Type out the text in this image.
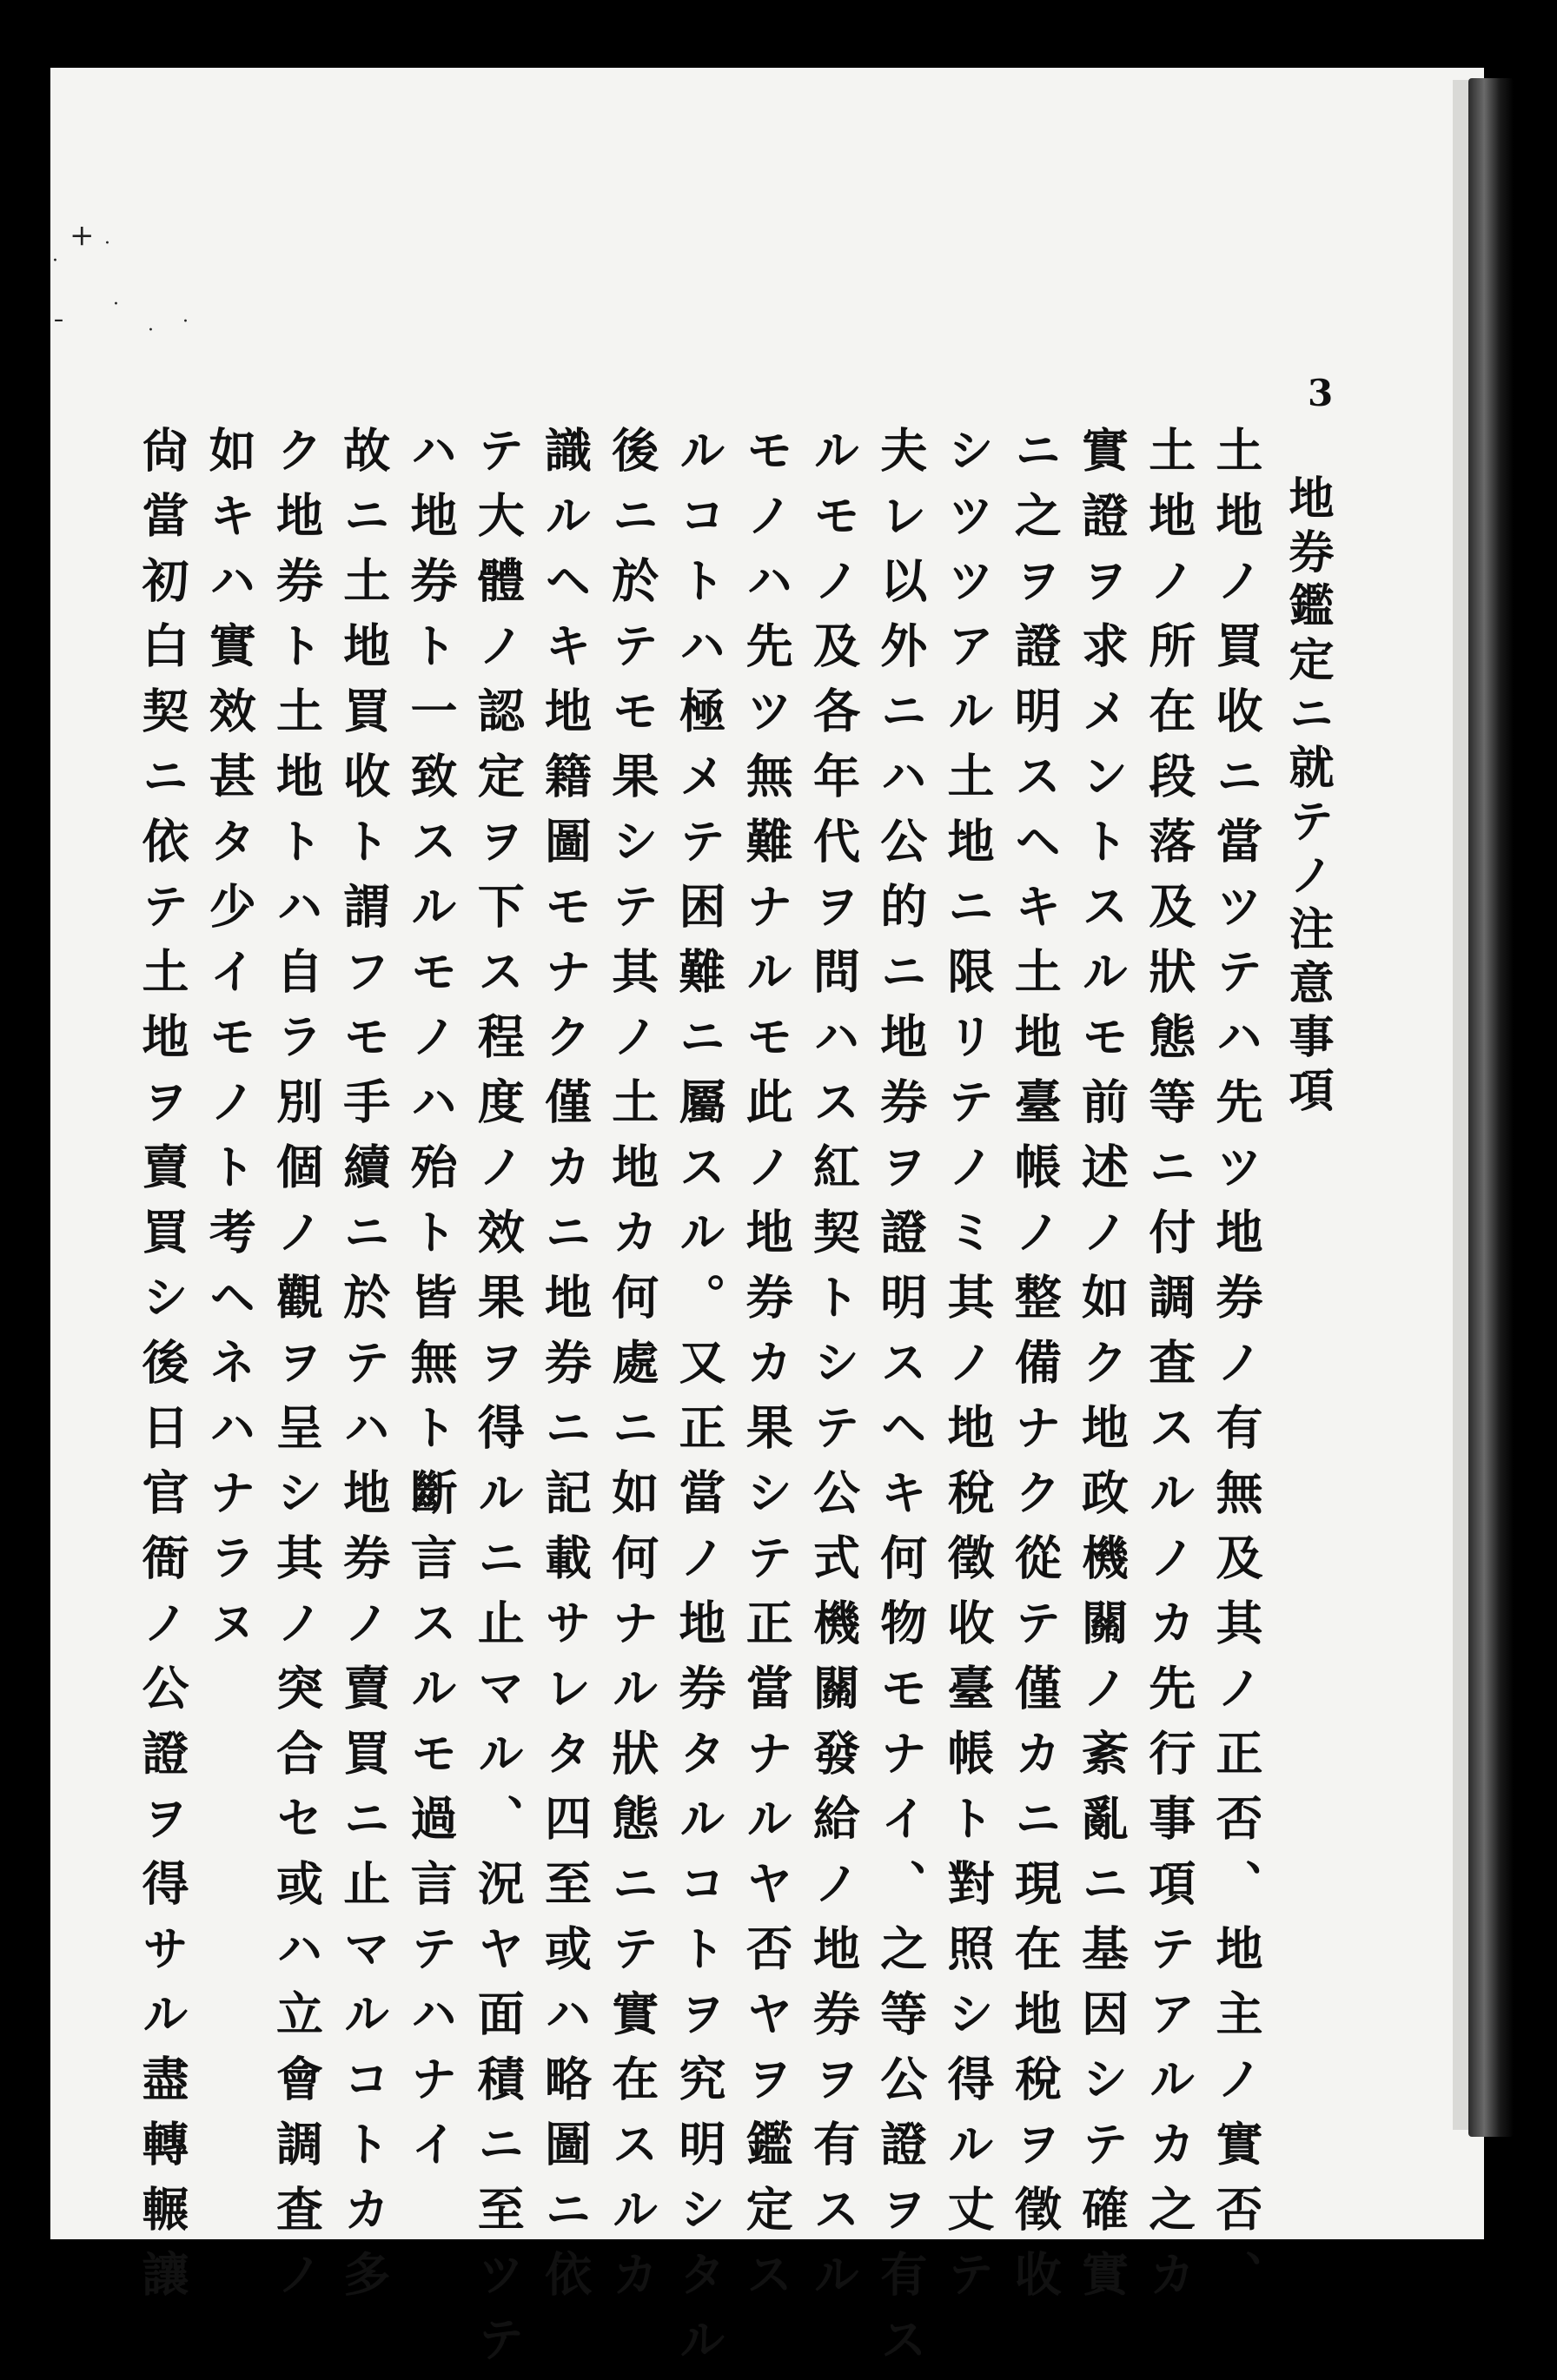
+
·
·
ˉ
·
· ·
3
地券鑑定ニ就テノ注意事項
土地ノ買收ニ當ツテハ先ツ地券ノ有無及其ノ正否、地主ノ實否、
土地ノ所在段落及狀態等ニ付調査スルノカ先行事項テアルカ之カ
實證ヲ求メントスルモ前述ノ如ク地政機關ノ紊亂ニ基因シテ確實
ニ之ヲ證明スヘキ土地臺帳ノ整備ナク從テ僅カニ現在地稅ヲ徵收
シツツアル土地ニ限リテノミ其ノ地稅徵收臺帳ト對照シ得ル丈テ
夫レ以外ニハ公的ニ地券ヲ證明スヘキ何物モナイ、之等公證ヲ有ス
ルモノ及各年代ヲ問ハス紅契トシテ公式機關發給ノ地券ヲ有スル
モノハ先ツ無難ナルモ此ノ地券カ果シテ正當ナルヤ否ヤヲ鑑定ス
ルコトハ極メテ困難ニ屬スル。又正當ノ地券タルコトヲ究明シタル
後ニ於テモ果シテ其ノ土地カ何處ニ如何ナル狀態ニテ實在スルカ
識ルヘキ地籍圖モナク僅カニ地券ニ記載サレタ四至或ハ略圖ニ依
テ大體ノ認定ヲ下ス程度ノ效果ヲ得ルニ止マル、況ヤ面積ニ至ツテ
ハ地券ト一致スルモノハ殆ト皆無ト斷言スルモ過言テハナイ
故ニ土地買收ト謂フモ手續ニ於テハ地券ノ賣買ニ止マルコトカ多
ク地券ト土地トハ自ラ別個ノ觀ヲ呈シ其ノ突合セ或ハ立會調査ノ
如キハ實效甚タ少イモノト考ヘネハナラヌ
尙當初白契ニ依テ土地ヲ賣買シ後日官衙ノ公證ヲ得サル盡轉輾讓
